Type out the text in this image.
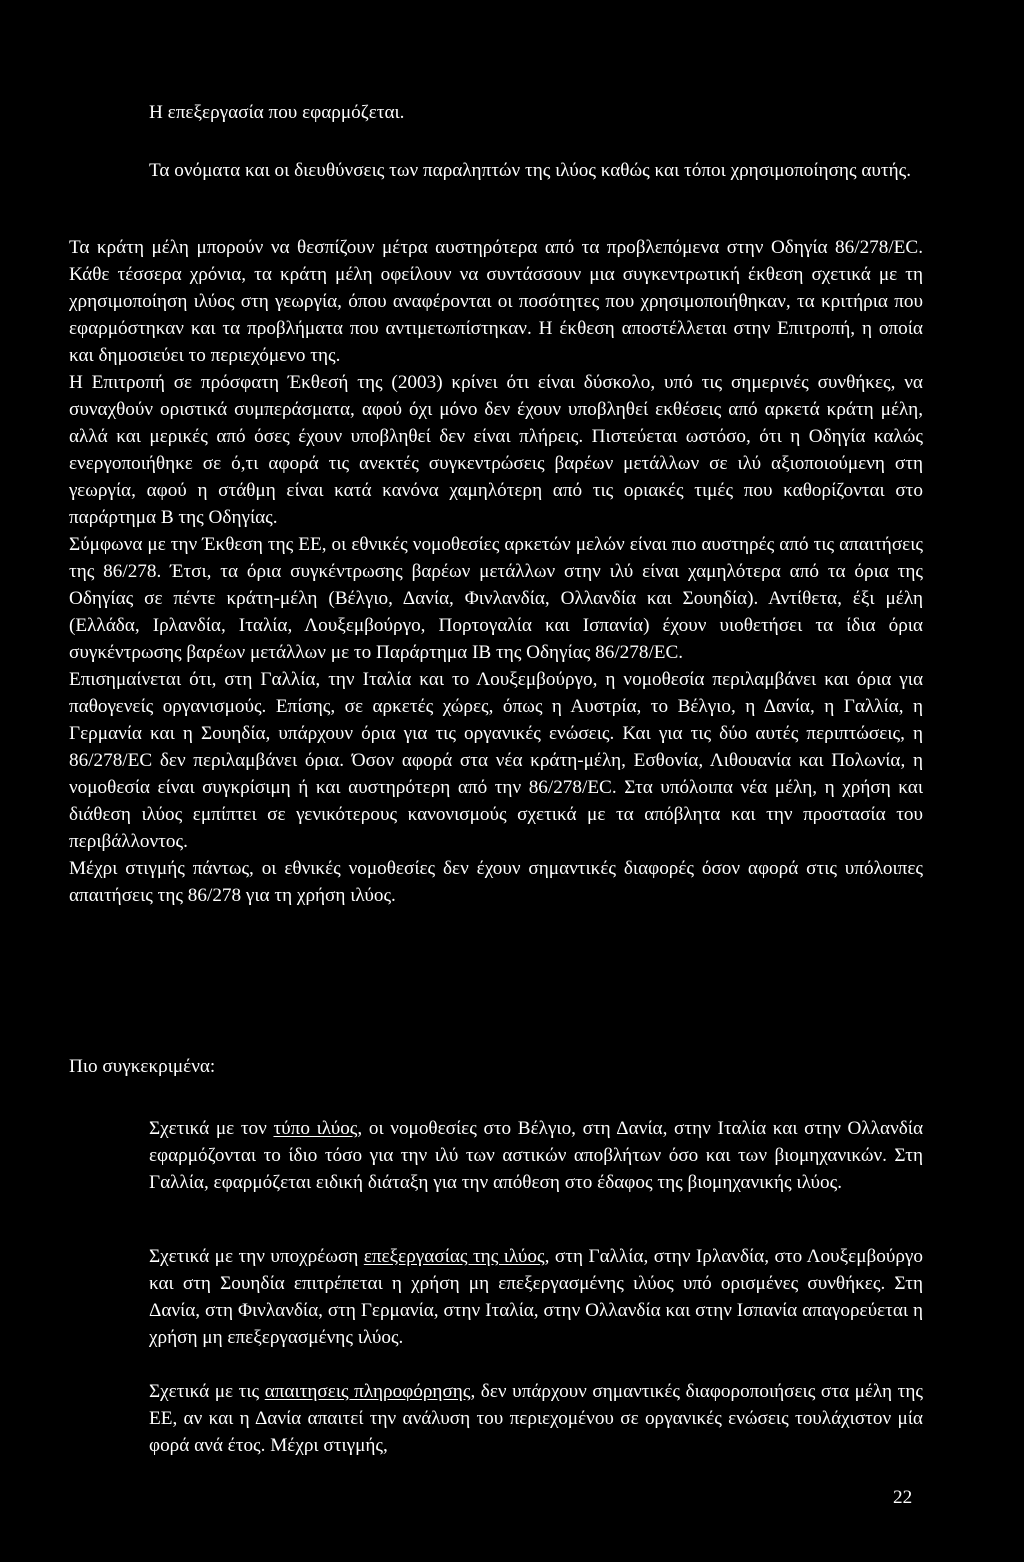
Η επεξεργασία που εφαρμόζεται.

Τα ονόματα και οι διευθύνσεις των παραληπτών της ιλύος καθώς και τόποι χρησιμοποίησης αυτής.

Τα κράτη μέλη μπορούν να θεσπίζουν μέτρα αυστηρότερα από τα προβλεπόμενα στην Οδηγία 86/278/ΕC. Κάθε τέσσερα χρόνια, τα κράτη μέλη οφείλουν να συντάσσουν μια συγκεντρωτική έκθεση σχετικά με τη χρησιμοποίηση ιλύος στη γεωργία, όπου αναφέρονται οι ποσότητες που χρησιμοποιήθηκαν, τα κριτήρια που εφαρμόστηκαν και τα προβλήματα που αντιμετωπίστηκαν. Η έκθεση αποστέλλεται στην Επιτροπή, η οποία και δημοσιεύει το περιεχόμενο της.
Η Επιτροπή σε πρόσφατη Έκθεσή της (2003) κρίνει ότι είναι δύσκολο, υπό τις σημερινές συνθήκες, να συναχθούν οριστικά συμπεράσματα, αφού όχι μόνο δεν έχουν υποβληθεί εκθέσεις από αρκετά κράτη μέλη, αλλά και μερικές από όσες έχουν υποβληθεί δεν είναι πλήρεις. Πιστεύεται ωστόσο, ότι η Οδηγία καλώς ενεργοποιήθηκε σε ό,τι αφορά τις ανεκτές συγκεντρώσεις βαρέων μετάλλων σε ιλύ αξιοποιούμενη στη γεωργία, αφού η στάθμη είναι κατά κανόνα χαμηλότερη από τις οριακές τιμές που καθορίζονται στο παράρτημα Β της Οδηγίας.
Σύμφωνα με την Έκθεση της ΕΕ, οι εθνικές νομοθεσίες αρκετών μελών είναι πιο αυστηρές από τις απαιτήσεις της 86/278. Έτσι, τα όρια συγκέντρωσης βαρέων μετάλλων στην ιλύ είναι χαμηλότερα από τα όρια της Οδηγίας σε πέντε κράτη-μέλη (Βέλγιο, Δανία, Φινλανδία, Ολλανδία και Σουηδία). Αντίθετα, έξι μέλη (Ελλάδα, Ιρλανδία, Ιταλία, Λουξεμβούργο, Πορτογαλία και Ισπανία) έχουν υιοθετήσει τα ίδια όρια συγκέντρωσης βαρέων μετάλλων με το Παράρτημα ΙΒ της Οδηγίας 86/278/ΕC.
Επισημαίνεται ότι, στη Γαλλία, την Ιταλία και το Λουξεμβούργο, η νομοθεσία περιλαμβάνει και όρια για παθογενείς οργανισμούς. Επίσης, σε αρκετές χώρες, όπως η Αυστρία, το Βέλγιο, η Δανία, η Γαλλία, η Γερμανία και η Σουηδία, υπάρχουν όρια για τις οργανικές ενώσεις. Και για τις δύο αυτές περιπτώσεις, η 86/278/ΕC δεν περιλαμβάνει όρια. Όσον αφορά στα νέα κράτη-μέλη, Εσθονία, Λιθουανία και Πολωνία, η νομοθεσία είναι συγκρίσιμη ή και αυστηρότερη από την 86/278/ΕC. Στα υπόλοιπα νέα μέλη, η χρήση και διάθεση ιλύος εμπίπτει σε γενικότερους κανονισμούς σχετικά με τα απόβλητα και την προστασία του περιβάλλοντος.
Μέχρι στιγμής πάντως, οι εθνικές νομοθεσίες δεν έχουν σημαντικές διαφορές όσον αφορά στις υπόλοιπες απαιτήσεις της 86/278 για τη χρήση ιλύος.

Πιο συγκεκριμένα:

Σχετικά με τον τύπο ιλύος, οι νομοθεσίες στο Βέλγιο, στη Δανία, στην Ιταλία και στην Ολλανδία εφαρμόζονται το ίδιο τόσο για την ιλύ των αστικών αποβλήτων όσο και των βιομηχανικών. Στη Γαλλία, εφαρμόζεται ειδική διάταξη για την απόθεση στο έδαφος της βιομηχανικής ιλύος.

Σχετικά με την υποχρέωση επεξεργασίας της ιλύος, στη Γαλλία, στην Ιρλανδία, στο Λουξεμβούργο και στη Σουηδία επιτρέπεται η χρήση μη επεξεργασμένης ιλύος υπό ορισμένες συνθήκες. Στη Δανία, στη Φινλανδία, στη Γερμανία, στην Ιταλία, στην Ολλανδία και στην Ισπανία απαγορεύεται η χρήση μη επεξεργασμένης ιλύος.

Σχετικά με τις απαιτησεις πληροφόρησης, δεν υπάρχουν σημαντικές διαφοροποιήσεις στα μέλη της ΕΕ, αν και η Δανία απαιτεί την ανάλυση του περιεχομένου σε οργανικές ενώσεις τουλάχιστον μία φορά ανά έτος. Μέχρι στιγμής,

22
